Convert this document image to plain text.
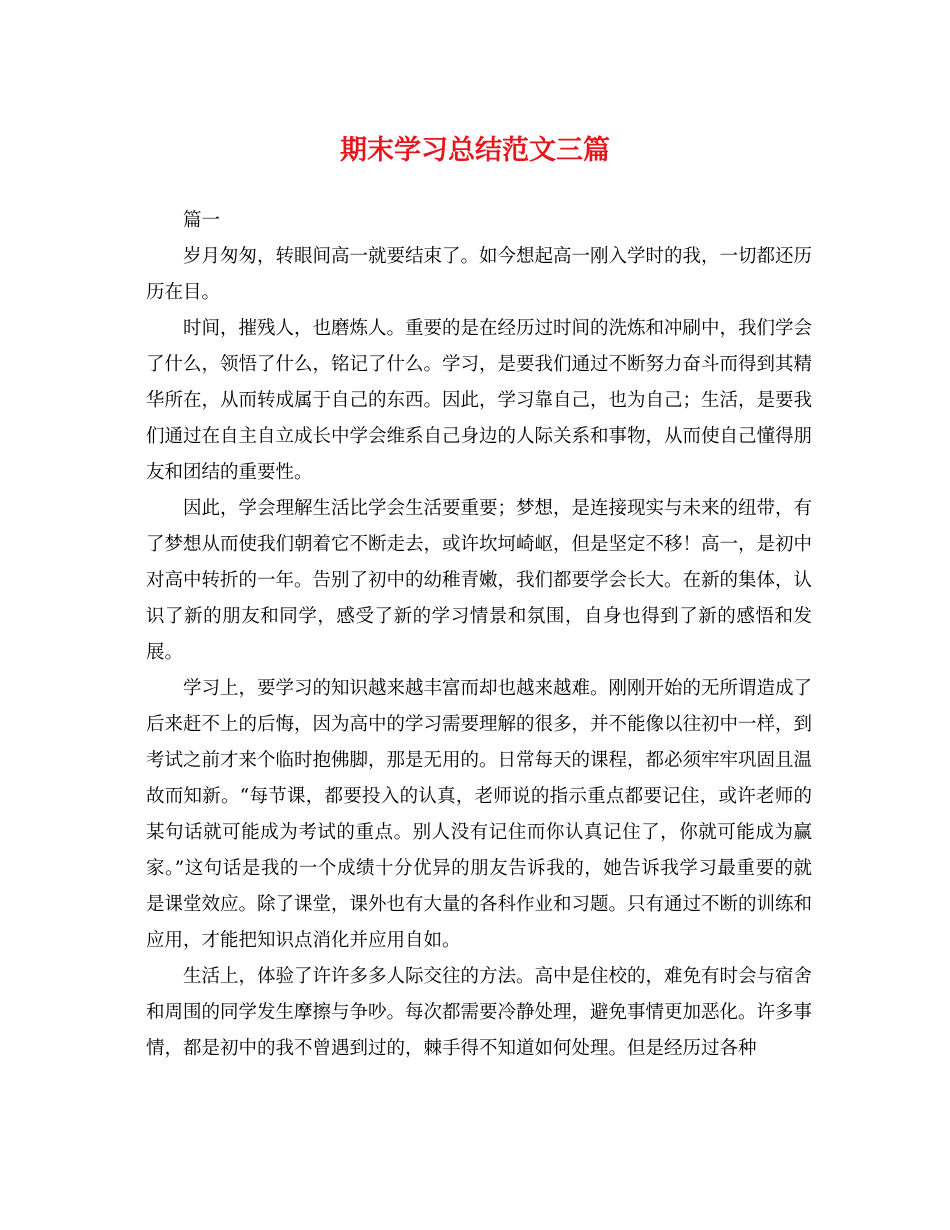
期末学习总结范文三篇

篇一

岁月匆匆，转眼间高一就要结束了。如今想起高一刚入学时的我，一切都还历历在目。

时间，摧残人，也磨炼人。重要的是在经历过时间的洗炼和冲刷中，我们学会了什么，领悟了什么，铭记了什么。学习，是要我们通过不断努力奋斗而得到其精华所在，从而转成属于自己的东西。因此，学习靠自己，也为自己；生活，是要我们通过在自主自立成长中学会维系自己身边的人际关系和事物，从而使自己懂得朋友和团结的重要性。

因此，学会理解生活比学会生活要重要；梦想，是连接现实与未来的纽带，有了梦想从而使我们朝着它不断走去，或许坎坷崎岖，但是坚定不移！高一，是初中对高中转折的一年。告别了初中的幼稚青嫩，我们都要学会长大。在新的集体，认识了新的朋友和同学，感受了新的学习情景和氛围，自身也得到了新的感悟和发展。

学习上，要学习的知识越来越丰富而却也越来越难。刚刚开始的无所谓造成了后来赶不上的后悔，因为高中的学习需要理解的很多，并不能像以往初中一样，到考试之前才来个临时抱佛脚，那是无用的。日常每天的课程，都必须牢牢巩固且温故而知新。“每节课，都要投入的认真，老师说的指示重点都要记住，或许老师的某句话就可能成为考试的重点。别人没有记住而你认真记住了，你就可能成为赢家。”这句话是我的一个成绩十分优异的朋友告诉我的，她告诉我学习最重要的就是课堂效应。除了课堂，课外也有大量的各科作业和习题。只有通过不断的训练和应用，才能把知识点消化并应用自如。

生活上，体验了许许多多人际交往的方法。高中是住校的，难免有时会与宿舍和周围的同学发生摩擦与争吵。每次都需要冷静处理，避免事情更加恶化。许多事情，都是初中的我不曾遇到过的，棘手得不知道如何处理。但是经历过各种
